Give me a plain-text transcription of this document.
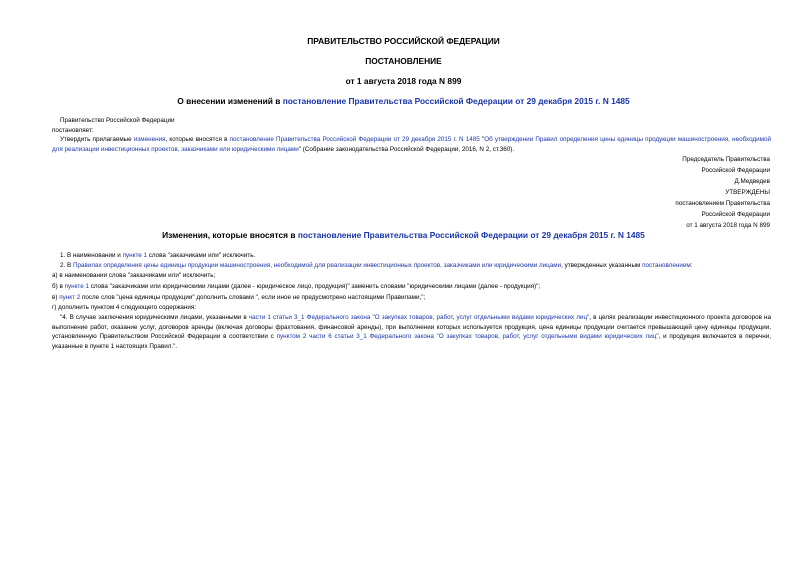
ПРАВИТЕЛЬСТВО РОССИЙСКОЙ ФЕДЕРАЦИИ
ПОСТАНОВЛЕНИЕ
от 1 августа 2018 года N 899
О внесении изменений в постановление Правительства Российской Федерации от 29 декабря 2015 г. N 1485
Правительство Российской Федерации
постановляет:
Утвердить прилагаемые изменения, которые вносятся в постановление Правительства Российской Федерации от 29 декабря 2015 г. N 1485 "Об утверждении Правил определения цены единицы продукции машиностроения, необходимой для реализации инвестиционных проектов, заказчиками или юридическими лицами" (Собрание законодательства Российской Федерации, 2016, N 2, ст.360).
Председатель Правительства
Российской Федерации
Д.Медведев
УТВЕРЖДЕНЫ
постановлением Правительства
Российской Федерации
от 1 августа 2018 года N 899
Изменения, которые вносятся в постановление Правительства Российской Федерации от 29 декабря 2015 г. N 1485
1. В наименовании и пункте 1 слова "заказчиками или" исключить.
2. В Правилах определения цены единицы продукции машиностроения, необходимой для реализации инвестиционных проектов, заказчиками или юридическими лицами, утвержденных указанным постановлением:
а) в наименовании слова "заказчиками или" исключить;
б) в пункте 1 слова "заказчиками или юридическими лицами (далее - юридическое лицо, продукция)" заменить словами "юридическими лицами (далее - продукция)";
в) пункт 2 после слов "цена единицы продукции" дополнить словами ", если иное не предусмотрено настоящими Правилами,";
г) дополнить пунктом 4 следующего содержания:
"4. В случае заключения юридическими лицами, указанными в части 1 статьи 3_1 Федерального закона "О закупках товаров, работ, услуг отдельными видами юридических лиц", в целях реализации инвестиционного проекта договоров на выполнение работ, оказание услуг, договоров аренды (включая договоры фрахтования, финансовой аренды), при выполнении которых используется продукция, цена единицы продукции считается превышающей цену единицы продукции, установленную Правительством Российской Федерации в соответствии с пунктом 2 части 6 статьи 3_1 Федерального закона "О закупках товаров, работ, услуг отдельными видами юридических лиц", и продукция включается в перечни, указанные в пункте 1 настоящих Правил.".
